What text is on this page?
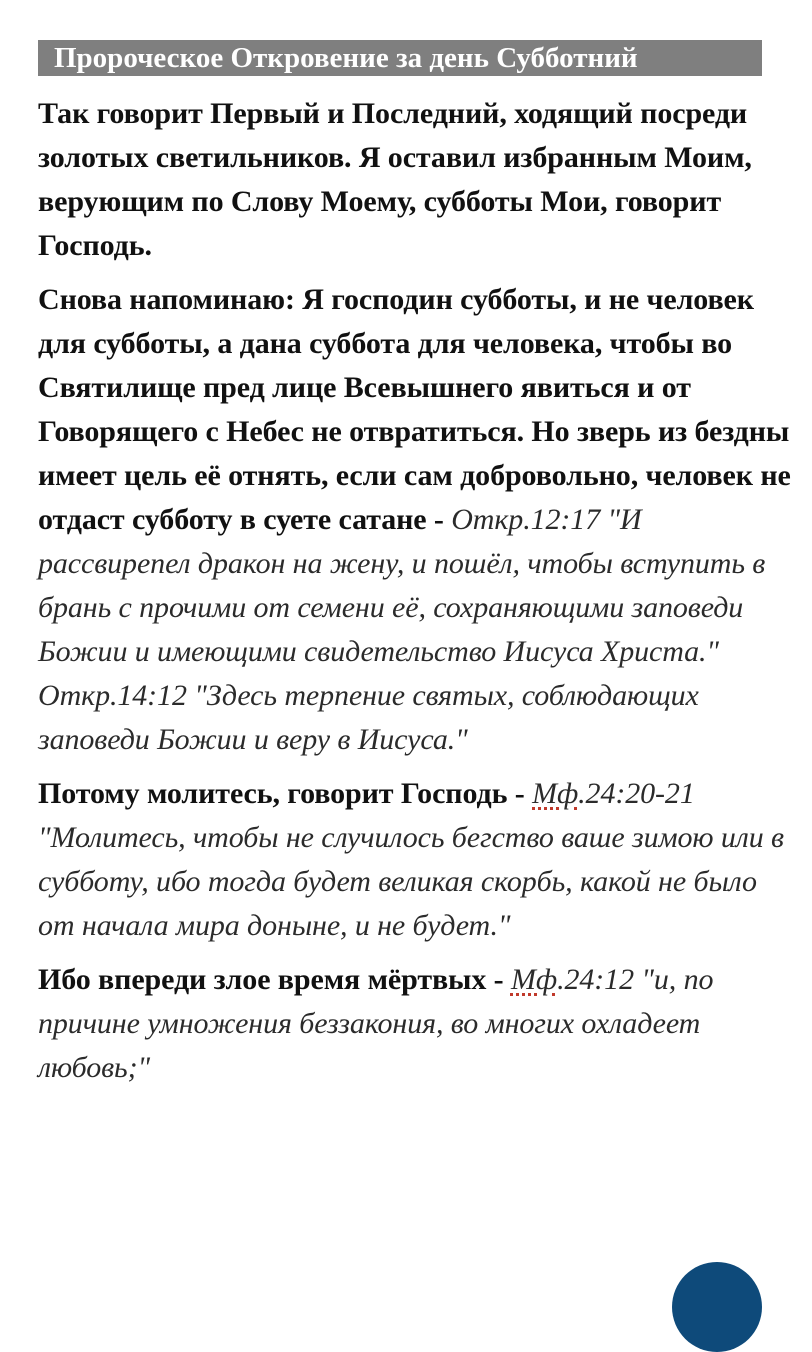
Пророческое Откровение за день Субботний

Так говорит Первый и Последний, ходящий посреди золотых светильников. Я оставил избранным Моим, верующим по Слову Моему, субботы Мои, говорит Господь.

Снова напоминаю: Я господин субботы, и не человек для субботы, а дана суббота для человека, чтобы во Святилище пред лице Всевышнего явиться и от Говорящего с Небес не отвратиться. Но зверь из бездны имеет цель её отнять, если сам добровольно, человек не отдаст субботу в суете сатане - Откр.12:17 "И рассвирепел дракон на жену, и пошёл, чтобы вступить в брань с прочими от семени её, сохраняющими заповеди Божии и имеющими свидетельство Иисуса Христа." Откр.14:12 "Здесь терпение святых, соблюдающих заповеди Божии и веру в Иисуса."

Потому молитесь, говорит Господь - Мф.24:20-21 "Молитесь, чтобы не случилось бегство ваше зимою или в субботу, ибо тогда будет великая скорбь, какой не было от начала мира доныне, и не будет."

Ибо впереди злое время мёртвых - Мф.24:12 "и, по причине умножения беззакония, во многих охладеет любовь;"
